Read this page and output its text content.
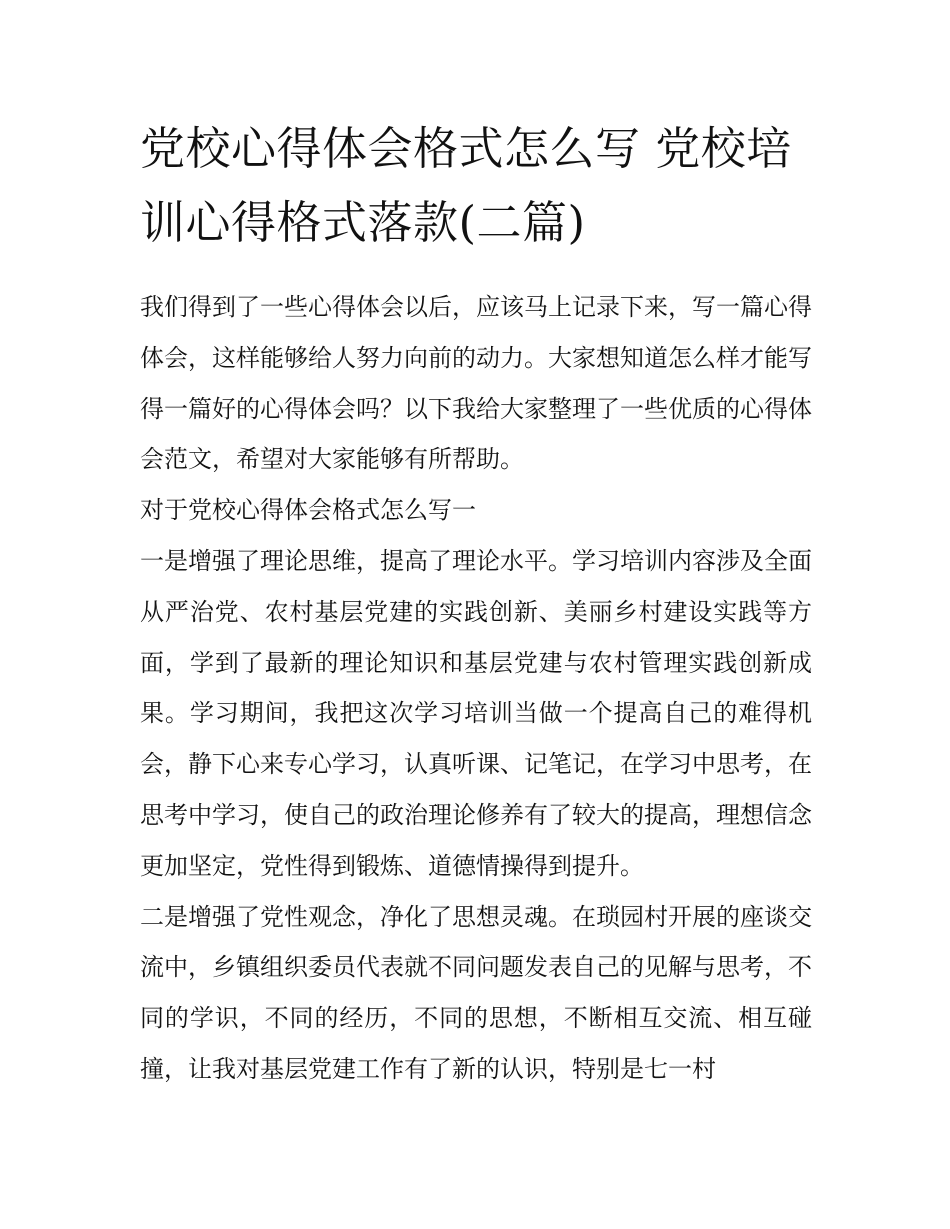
党校心得体会格式怎么写 党校培训心得格式落款(二篇)

我们得到了一些心得体会以后，应该马上记录下来，写一篇心得体会，这样能够给人努力向前的动力。大家想知道怎么样才能写得一篇好的心得体会吗？以下我给大家整理了一些优质的心得体会范文，希望对大家能够有所帮助。

对于党校心得体会格式怎么写一

一是增强了理论思维，提高了理论水平。学习培训内容涉及全面从严治党、农村基层党建的实践创新、美丽乡村建设实践等方面，学到了最新的理论知识和基层党建与农村管理实践创新成果。学习期间，我把这次学习培训当做一个提高自己的难得机会，静下心来专心学习，认真听课、记笔记，在学习中思考，在思考中学习，使自己的政治理论修养有了较大的提高，理想信念更加坚定，党性得到锻炼、道德情操得到提升。

二是增强了党性观念，净化了思想灵魂。在琐园村开展的座谈交流中，乡镇组织委员代表就不同问题发表自己的见解与思考，不同的学识，不同的经历，不同的思想，不断相互交流、相互碰撞，让我对基层党建工作有了新的认识，特别是七一村
